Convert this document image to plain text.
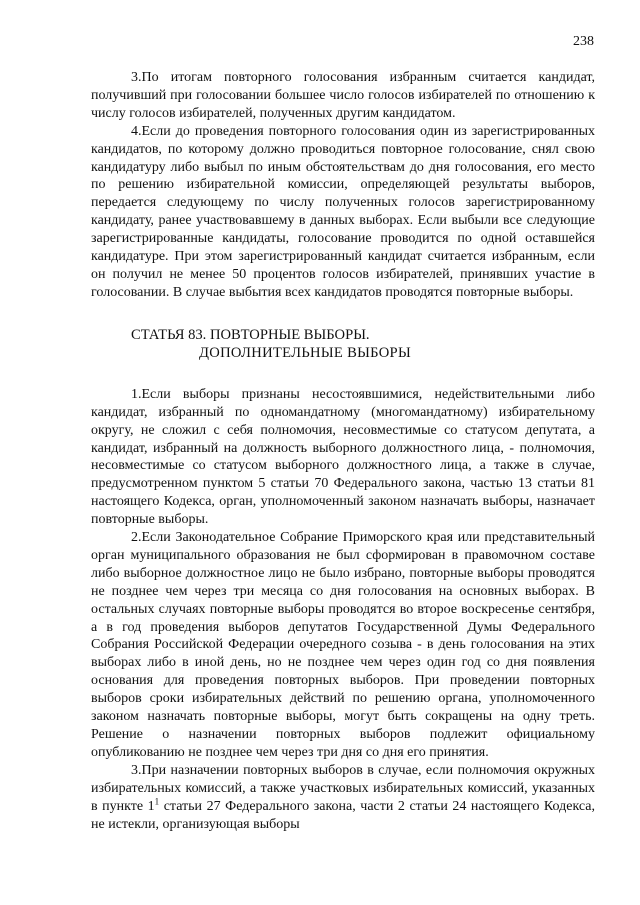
238

3.По итогам повторного голосования избранным считается кандидат, получивший при голосовании большее число голосов избирателей по отношению к числу голосов избирателей, полученных другим кандидатом.

4.Если до проведения повторного голосования один из зарегистрированных кандидатов, по которому должно проводиться повторное голосование, снял свою кандидатуру либо выбыл по иным обстоятельствам до дня голосования, его место по решению избирательной комиссии, определяющей результаты выборов, передается следующему по числу полученных голосов зарегистрированному кандидату, ранее участвовавшему в данных выборах. Если выбыли все следующие зарегистрированные кандидаты, голосование проводится по одной оставшейся кандидатуре. При этом зарегистрированный кандидат считается избранным, если он получил не менее 50 процентов голосов избирателей, принявших участие в голосовании. В случае выбытия всех кандидатов проводятся повторные выборы.

СТАТЬЯ 83. ПОВТОРНЫЕ ВЫБОРЫ.
ДОПОЛНИТЕЛЬНЫЕ ВЫБОРЫ

1.Если выборы признаны несостоявшимися, недействительными либо кандидат, избранный по одномандатному (многомандатному) избирательному округу, не сложил с себя полномочия, несовместимые со статусом депутата, а кандидат, избранный на должность выборного должностного лица, - полномочия, несовместимые со статусом выборного должностного лица, а также в случае, предусмотренном пунктом 5 статьи 70 Федерального закона, частью 13 статьи 81 настоящего Кодекса, орган, уполномоченный законом назначать выборы, назначает повторные выборы.

2.Если Законодательное Собрание Приморского края или представительный орган муниципального образования не был сформирован в правомочном составе либо выборное должностное лицо не было избрано, повторные выборы проводятся не позднее чем через три месяца со дня голосования на основных выборах. В остальных случаях повторные выборы проводятся во второе воскресенье сентября, а в год проведения выборов депутатов Государственной Думы Федерального Собрания Российской Федерации очередного созыва - в день голосования на этих выборах либо в иной день, но не позднее чем через один год со дня появления основания для проведения повторных выборов. При проведении повторных выборов сроки избирательных действий по решению органа, уполномоченного законом назначать повторные выборы, могут быть сокращены на одну треть. Решение о назначении повторных выборов подлежит официальному опубликованию не позднее чем через три дня со дня его принятия.

3.При назначении повторных выборов в случае, если полномочия окружных избирательных комиссий, а также участковых избирательных комиссий, указанных в пункте $1^1$ статьи 27 Федерального закона, части 2 статьи 24 настоящего Кодекса, не истекли, организующая выборы
